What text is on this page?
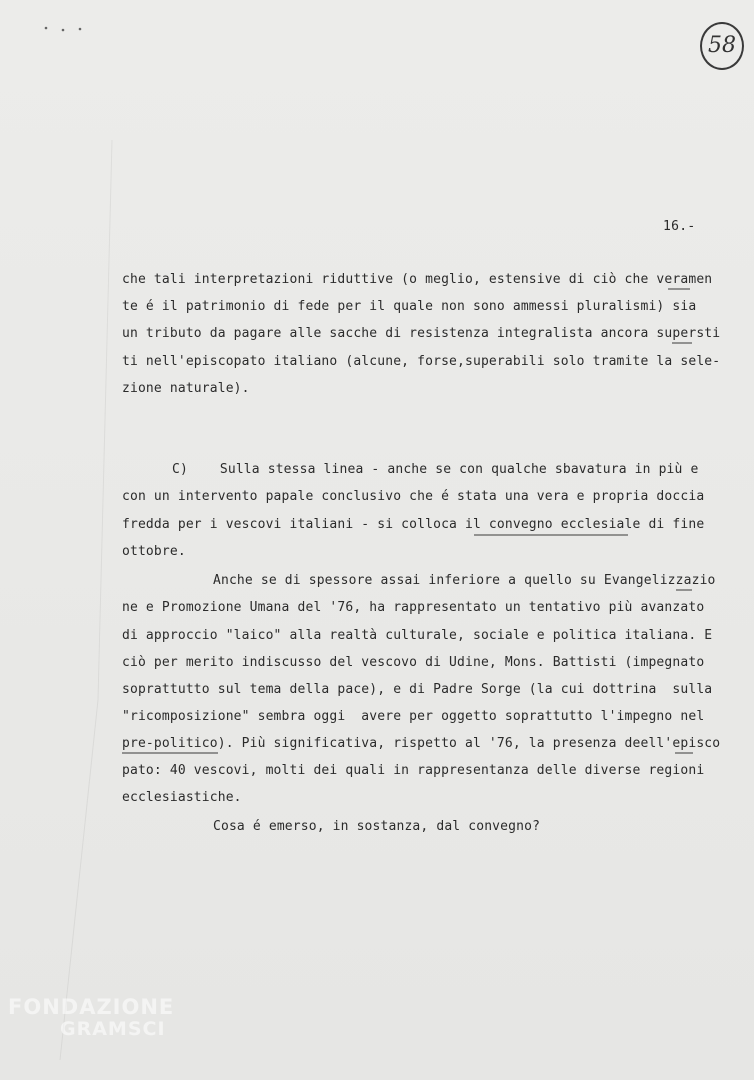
58
16.-
che tali interpretazioni riduttive (o meglio, estensive di ciò che veramen
te é il patrimonio di fede per il quale non sono ammessi pluralismi) sia
un tributo da pagare alle sacche di resistenza integralista ancora supersti
ti nell'episcopato italiano (alcune, forse,superabili solo tramite la sele-
zione naturale).
C)    Sulla stessa linea - anche se con qualche sbavatura in più e
con un intervento papale conclusivo che é stata una vera e propria doccia
fredda per i vescovi italiani - si colloca il convegno ecclesiale di fine
ottobre.
Anche se di spessore assai inferiore a quello su Evangelizzazio
ne e Promozione Umana del '76, ha rappresentato un tentativo più avanzato
di approccio "laico" alla realtà culturale, sociale e politica italiana. E
ciò per merito indiscusso del vescovo di Udine, Mons. Battisti (impegnato
soprattutto sul tema della pace), e di Padre Sorge (la cui dottrina  sulla
"ricomposizione" sembra oggi  avere per oggetto soprattutto l'impegno nel
pre-politico). Più significativa, rispetto al '76, la presenza deell'episco
pato: 40 vescovi, molti dei quali in rappresentanza delle diverse regioni
ecclesiastiche.
Cosa é emerso, in sostanza, dal convegno?
FONDAZIONE
GRAMSCI
